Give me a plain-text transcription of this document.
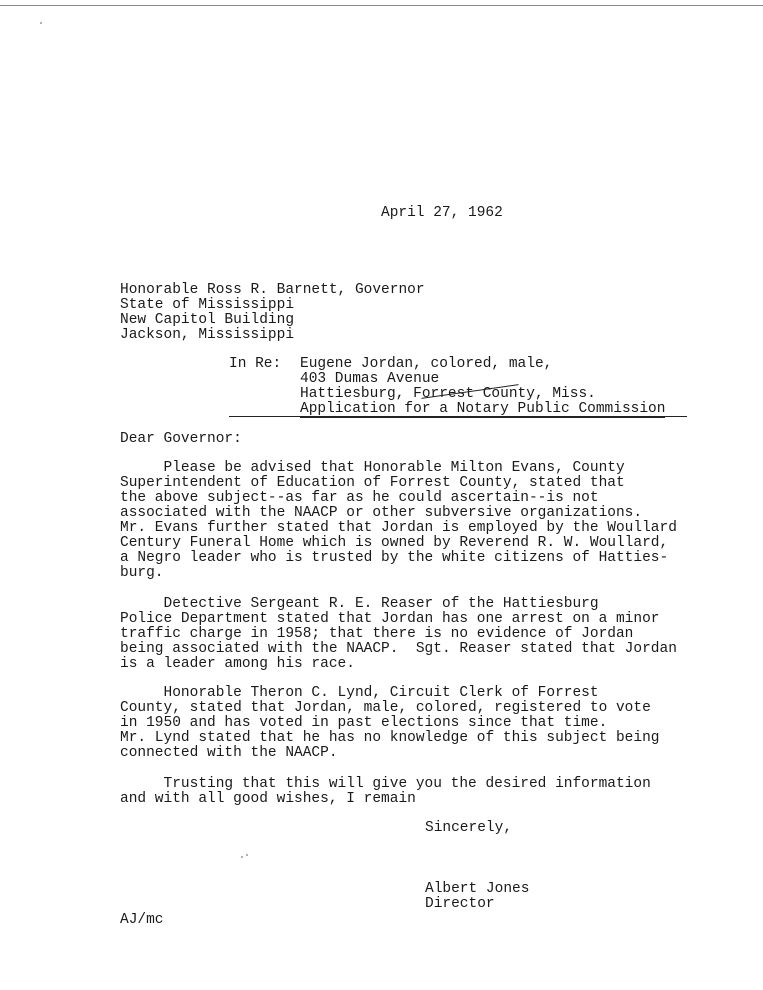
April 27, 1962
Honorable Ross R. Barnett, Governor
State of Mississippi
New Capitol Building
Jackson, Mississippi
In Re: Eugene Jordan, colored, male,
403 Dumas Avenue
Hattiesburg, Forrest County, Miss.
Application for a Notary Public Commission
Dear Governor:
Please be advised that Honorable Milton Evans, County
Superintendent of Education of Forrest County, stated that
the above subject--as far as he could ascertain--is not
associated with the NAACP or other subversive organizations.
Mr. Evans further stated that Jordan is employed by the Woullard
Century Funeral Home which is owned by Reverend R. W. Woullard,
a Negro leader who is trusted by the white citizens of Hatties-
burg.
Detective Sergeant R. E. Reaser of the Hattiesburg
Police Department stated that Jordan has one arrest on a minor
traffic charge in 1958; that there is no evidence of Jordan
being associated with the NAACP.  Sgt. Reaser stated that Jordan
is a leader among his race.
Honorable Theron C. Lynd, Circuit Clerk of Forrest
County, stated that Jordan, male, colored, registered to vote
in 1950 and has voted in past elections since that time.
Mr. Lynd stated that he has no knowledge of this subject being
connected with the NAACP.
Trusting that this will give you the desired information
and with all good wishes, I remain
Sincerely,
Albert Jones
Director
AJ/mc
